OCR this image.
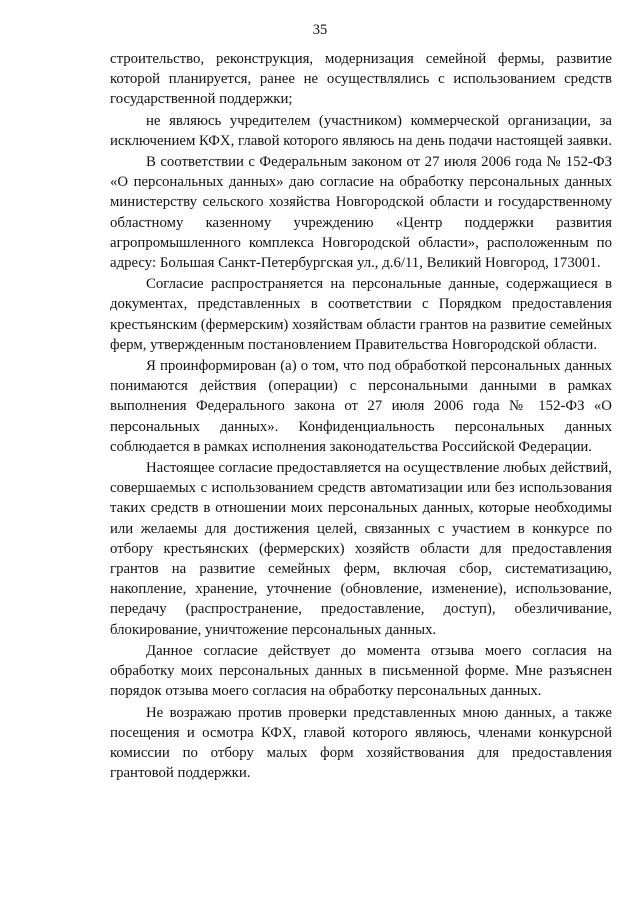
35

строительство, реконструкция, модернизация семейной фермы, развитие которой планируется, ранее не осуществлялись с использованием средств государственной поддержки;

не являюсь учредителем (участником) коммерческой организации, за исключением КФХ, главой которого являюсь на день подачи настоящей заявки.

В соответствии с Федеральным законом от 27 июля 2006 года № 152-ФЗ «О персональных данных» даю согласие на обработку персональных данных министерству сельского хозяйства Новгородской области и государственному областному казенному учреждению «Центр поддержки развития агропромышленного комплекса Новгородской области», расположенным по адресу: Большая Санкт-Петербургская ул., д.6/11, Великий Новгород, 173001.

Согласие распространяется на персональные данные, содержащиеся в документах, представленных в соответствии с Порядком предоставления крестьянским (фермерским) хозяйствам области грантов на развитие семейных ферм, утвержденным постановлением Правительства Новгородской области.

Я проинформирован (а) о том, что под обработкой персональных данных понимаются действия (операции) с персональными данными в рамках выполнения Федерального закона от 27 июля 2006 года № 152-ФЗ «О персональных данных». Конфиденциальность персональных данных соблюдается в рамках исполнения законодательства Российской Федерации.

Настоящее согласие предоставляется на осуществление любых действий, совершаемых с использованием средств автоматизации или без использования таких средств в отношении моих персональных данных, которые необходимы или желаемы для достижения целей, связанных с участием в конкурсе по отбору крестьянских (фермерских) хозяйств области для предоставления грантов на развитие семейных ферм, включая сбор, систематизацию, накопление, хранение, уточнение (обновление, изменение), использование, передачу (распространение, предоставление, доступ), обезличивание, блокирование, уничтожение персональных данных.

Данное согласие действует до момента отзыва моего согласия на обработку моих персональных данных в письменной форме. Мне разъяснен порядок отзыва моего согласия на обработку персональных данных.

Не возражаю против проверки представленных мною данных, а также посещения и осмотра КФХ, главой которого являюсь, членами конкурсной комиссии по отбору малых форм хозяйствования для предоставления грантовой поддержки.
